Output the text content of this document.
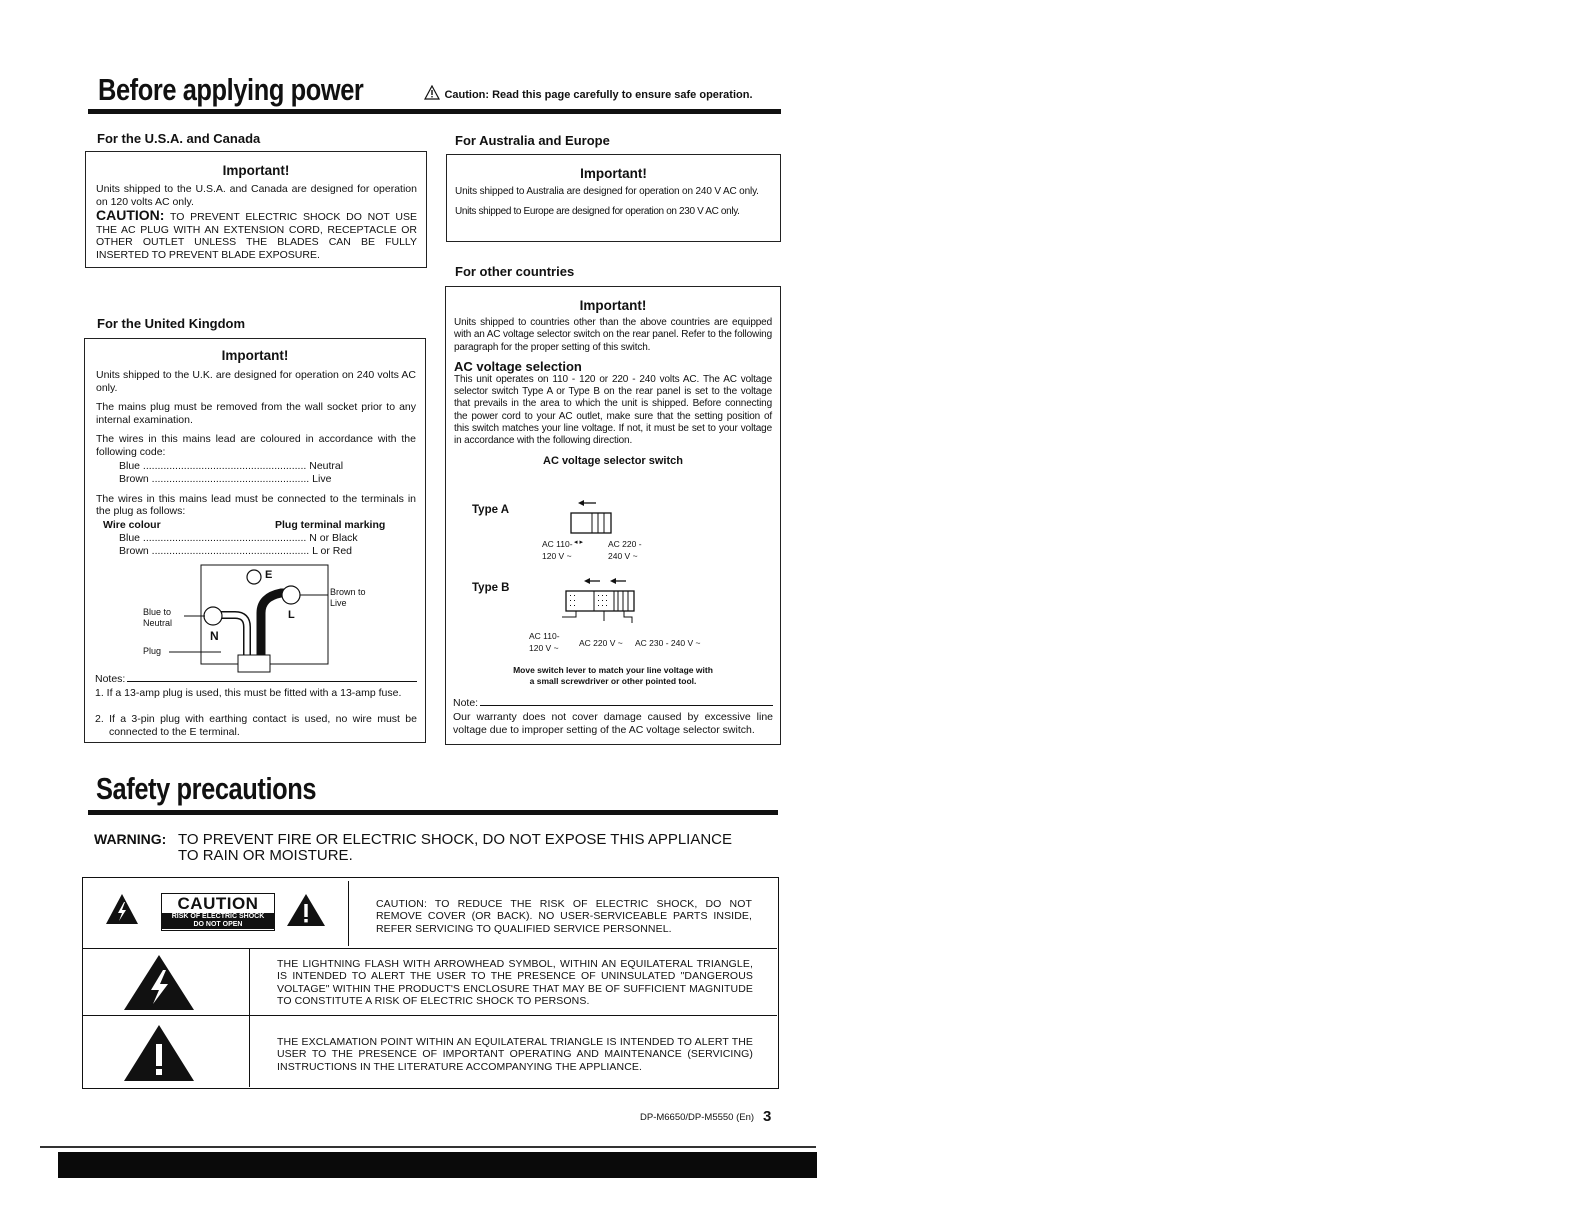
Before applying power	Caution: Read this page carefully to ensure safe operation.
For the U.S.A. and Canada
Important!
Units shipped to the U.S.A. and Canada are designed for operation on 120 volts AC only.
CAUTION: TO PREVENT ELECTRIC SHOCK DO NOT USE THE AC PLUG WITH AN EXTENSION CORD, RECEPTACLE OR OTHER OUTLET UNLESS THE BLADES CAN BE FULLY INSERTED TO PREVENT BLADE EXPOSURE.
For the United Kingdom
Important!
Units shipped to the U.K. are designed for operation on 240 volts AC only.
The mains plug must be removed from the wall socket prior to any internal examination.
The wires in this mains lead are coloured in accordance with the following code:
Blue ........................................................ Neutral
Brown ...................................................... Live
The wires in this mains lead must be connected to the terminals in the plug as follows:
Wire colour	Plug terminal marking
Blue ........................................................ N or Black
Brown ...................................................... L or Red
E
L
N
Brown to
Live
Blue to
Neutral
Plug
Notes:
1. If a 13-amp plug is used, this must be fitted with a 13-amp fuse.
2. If a 3-pin plug with earthing contact is used, no wire must be connected to the E terminal.
For Australia and Europe
Important!
Units shipped to Australia are designed for operation on 240 V AC only.
Units shipped to Europe are designed for operation on 230 V AC only.
For other countries
Important!
Units shipped to countries other than the above countries are equipped with an AC voltage selector switch on the rear panel. Refer to the following paragraph for the proper setting of this switch.
AC voltage selection
This unit operates on 110 - 120 or 220 - 240 volts AC. The AC voltage selector switch Type A or Type B on the rear panel is set to the voltage that prevails in the area to which the unit is shipped. Before connecting the power cord to your AC outlet, make sure that the setting position of this switch matches your line voltage. If not, it must be set to your voltage in accordance with the following direction.
AC voltage selector switch
Type A
AC 110-
120 V ~
◂ ▸	AC 220 -
240 V ~
Type B
AC 110-
120 V ~ AC 220 V ~ AC 230 - 240 V ~
Move switch lever to match your line voltage with
a small screwdriver or other pointed tool.
Note:
Our warranty does not cover damage caused by excessive line voltage due to improper setting of the AC voltage selector switch.
Safety precautions
WARNING: TO PREVENT FIRE OR ELECTRIC SHOCK, DO NOT EXPOSE THIS APPLIANCE
TO RAIN OR MOISTURE.
CAUTION
RISK OF ELECTRIC SHOCK
DO NOT OPEN
CAUTION: TO REDUCE THE RISK OF ELECTRIC SHOCK, DO NOT REMOVE COVER (OR BACK). NO USER-SERVICEABLE PARTS INSIDE, REFER SERVICING TO QUALIFIED SERVICE PERSONNEL.
THE LIGHTNING FLASH WITH ARROWHEAD SYMBOL, WITHIN AN EQUILATERAL TRIANGLE, IS INTENDED TO ALERT THE USER TO THE PRESENCE OF UNINSULATED "DANGEROUS VOLTAGE" WITHIN THE PRODUCT'S ENCLOSURE THAT MAY BE OF SUFFICIENT MAGNITUDE TO CONSTITUTE A RISK OF ELECTRIC SHOCK TO PERSONS.
THE EXCLAMATION POINT WITHIN AN EQUILATERAL TRIANGLE IS INTENDED TO ALERT THE USER TO THE PRESENCE OF IMPORTANT OPERATING AND MAINTENANCE (SERVICING) INSTRUCTIONS IN THE LITERATURE ACCOMPANYING THE APPLIANCE.
DP-M6650/DP-M5550 (En) 3
